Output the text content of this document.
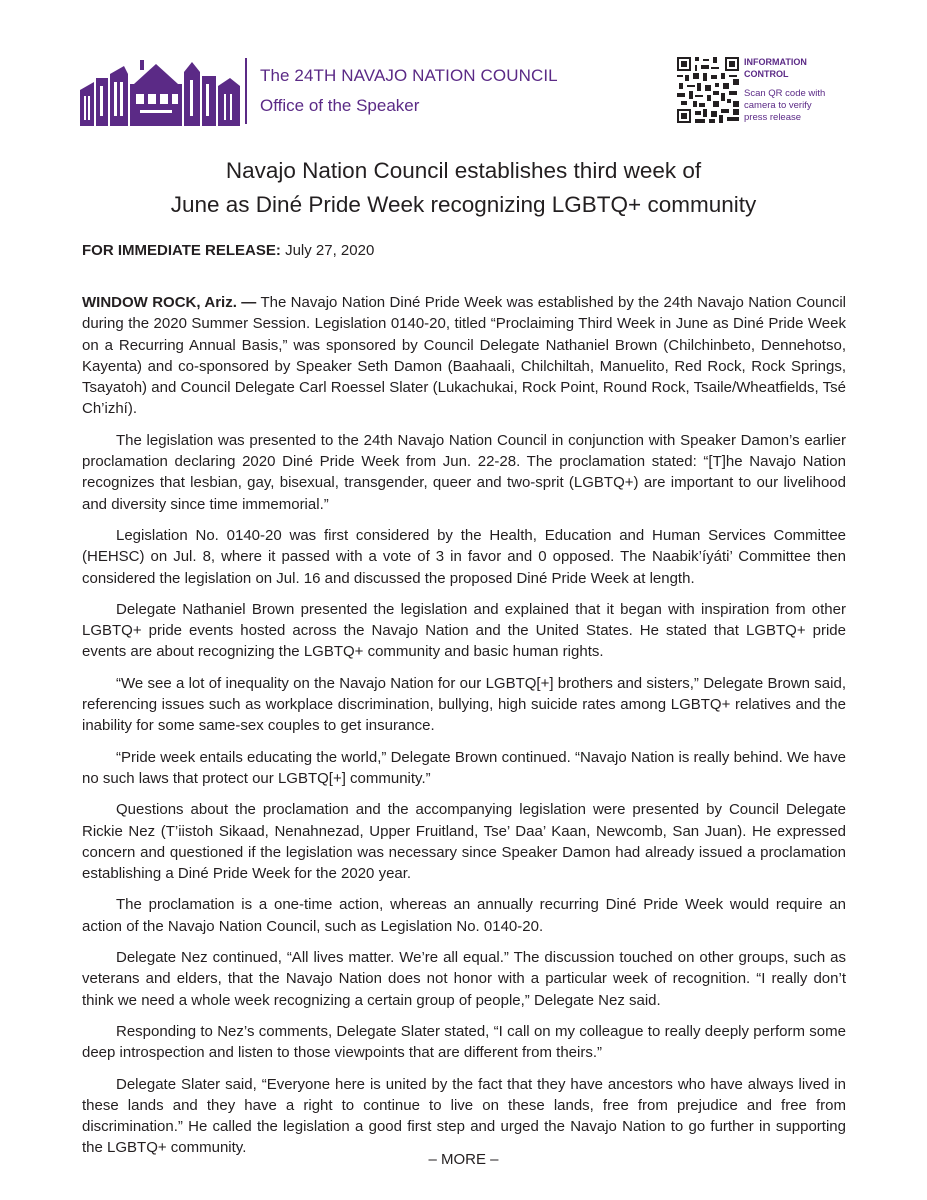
The 24TH NAVAJO NATION COUNCIL
Office of the Speaker
INFORMATION
CONTROL
Scan QR code with
camera to verify
press release
Navajo Nation Council establishes third week of
June as Diné Pride Week recognizing LGBTQ+ community
FOR IMMEDIATE RELEASE: July 27, 2020

WINDOW ROCK, Ariz. — The Navajo Nation Diné Pride Week was established by the 24th Navajo Nation Council during the 2020 Summer Session. Legislation 0140-20, titled “Proclaiming Third Week in June as Diné Pride Week on a Recurring Annual Basis,” was sponsored by Council Delegate Nathaniel Brown (Chilchinbeto, Dennehotso, Kayenta) and co-sponsored by Speaker Seth Damon (Baahaali, Chilchiltah, Manuelito, Red Rock, Rock Springs, Tsayatoh) and Council Delegate Carl Roessel Slater (Lukachukai, Rock Point, Round Rock, Tsaile/Wheatfields, Tsé Ch’izhí).

The legislation was presented to the 24th Navajo Nation Council in conjunction with Speaker Damon’s earlier proclamation declaring 2020 Diné Pride Week from Jun. 22-28. The proclamation stated: “[T]he Navajo Nation recognizes that lesbian, gay, bisexual, transgender, queer and two-sprit (LGBTQ+) are important to our livelihood and diversity since time immemorial.”

Legislation No. 0140-20 was first considered by the Health, Education and Human Services Committee (HEHSC) on Jul. 8, where it passed with a vote of 3 in favor and 0 opposed. The Naabik’íyáti’ Committee then considered the legislation on Jul. 16 and discussed the proposed Diné Pride Week at length.

Delegate Nathaniel Brown presented the legislation and explained that it began with inspiration from other LGBTQ+ pride events hosted across the Navajo Nation and the United States. He stated that LGBTQ+ pride events are about recognizing the LGBTQ+ community and basic human rights.

“We see a lot of inequality on the Navajo Nation for our LGBTQ[+] brothers and sisters,” Delegate Brown said, referencing issues such as workplace discrimination, bullying, high suicide rates among LGBTQ+ relatives and the inability for some same-sex couples to get insurance.

“Pride week entails educating the world,” Delegate Brown continued. “Navajo Nation is really behind. We have no such laws that protect our LGBTQ[+] community.”

Questions about the proclamation and the accompanying legislation were presented by Council Delegate Rickie Nez (T’iistoh Sikaad, Nenahnezad, Upper Fruitland, Tse’ Daa’ Kaan, Newcomb, San Juan). He expressed concern and questioned if the legislation was necessary since Speaker Damon had already issued a proclamation establishing a Diné Pride Week for the 2020 year.

The proclamation is a one-time action, whereas an annually recurring Diné Pride Week would require an action of the Navajo Nation Council, such as Legislation No. 0140-20.

Delegate Nez continued, “All lives matter. We’re all equal.” The discussion touched on other groups, such as veterans and elders, that the Navajo Nation does not honor with a particular week of recognition. “I really don’t think we need a whole week recognizing a certain group of people,” Delegate Nez said.

Responding to Nez’s comments, Delegate Slater stated, “I call on my colleague to really deeply perform some deep introspection and listen to those viewpoints that are different from theirs.”

Delegate Slater said, “Everyone here is united by the fact that they have ancestors who have always lived in these lands and they have a right to continue to live on these lands, free from prejudice and free from discrimination.” He called the legislation a good first step and urged the Navajo Nation to go further in supporting the LGBTQ+ community.

– MORE –
